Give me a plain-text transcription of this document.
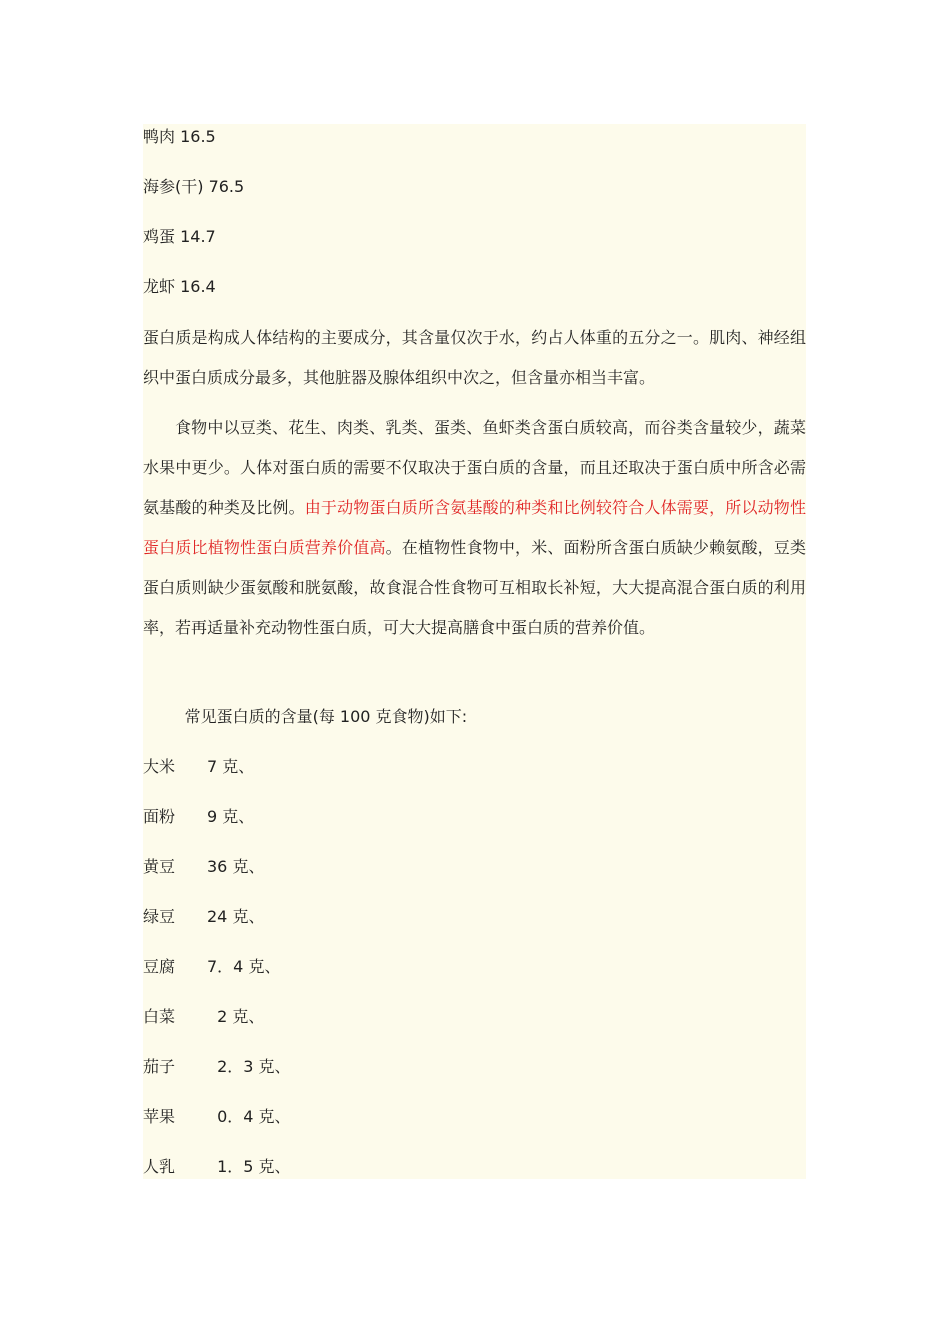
鸭肉 16.5
海参(干) 76.5
鸡蛋 14.7
龙虾 16.4
蛋白质是构成人体结构的主要成分，其含量仅次于水，约占人体重的五分之一。肌肉、神经组织中蛋白质成分最多，其他脏器及腺体组织中次之，但含量亦相当丰富。
食物中以豆类、花生、肉类、乳类、蛋类、鱼虾类含蛋白质较高，而谷类含量较少，蔬菜水果中更少。人体对蛋白质的需要不仅取决于蛋白质的含量，而且还取决于蛋白质中所含必需氨基酸的种类及比例。由于动物蛋白质所含氨基酸的种类和比例较符合人体需要，所以动物性蛋白质比植物性蛋白质营养价值高。在植物性食物中，米、面粉所含蛋白质缺少赖氨酸，豆类蛋白质则缺少蛋氨酸和胱氨酸，故食混合性食物可互相取长补短，大大提高混合蛋白质的利用率，若再适量补充动物性蛋白质，可大大提高膳食中蛋白质的营养价值。
常见蛋白质的含量(每 100 克食物)如下:
大米 7 克、
面粉 9 克、
黄豆 36 克、
绿豆 24 克、
豆腐 7．4 克、
白菜 2 克、
茄子 2．3 克、
苹果 0．4 克、
人乳 1．5 克、
